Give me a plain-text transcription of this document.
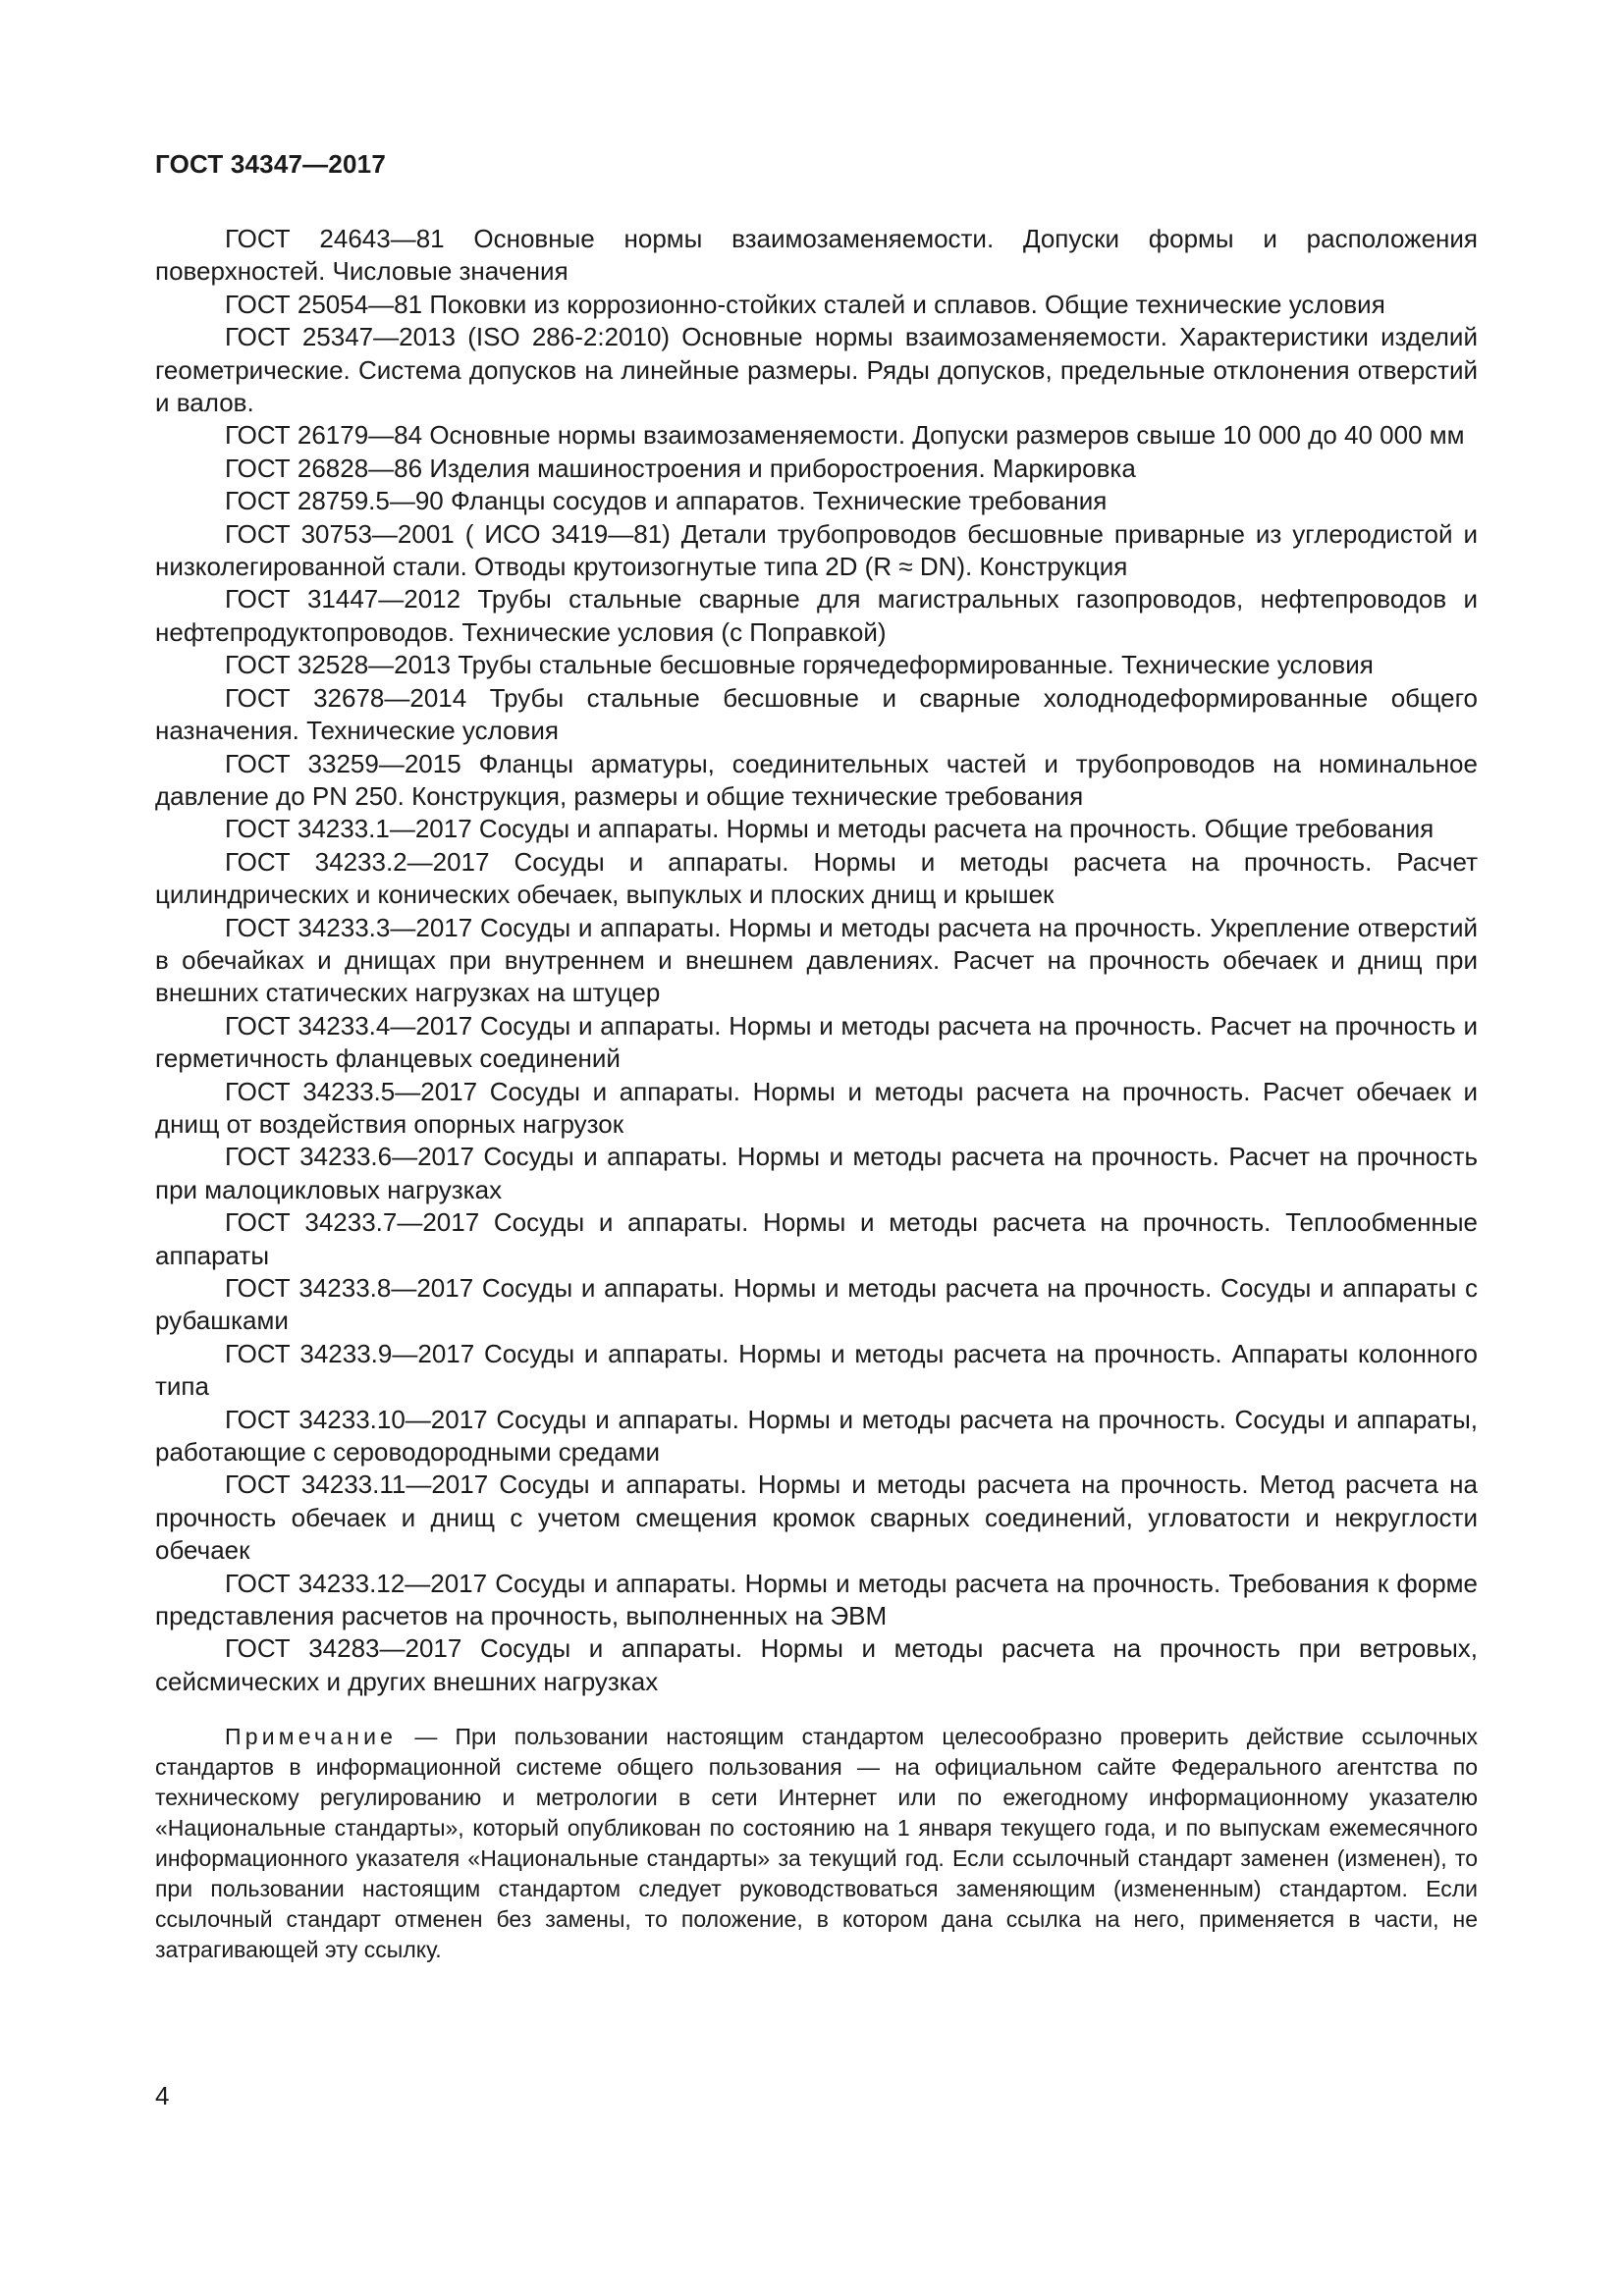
ГОСТ 34347—2017

ГОСТ 24643—81 Основные нормы взаимозаменяемости. Допуски формы и расположения поверхностей. Числовые значения

ГОСТ 25054—81 Поковки из коррозионно-стойких сталей и сплавов. Общие технические условия

ГОСТ 25347—2013 (ISO 286-2:2010) Основные нормы взаимозаменяемости. Характеристики изделий геометрические. Система допусков на линейные размеры. Ряды допусков, предельные отклонения отверстий и валов.

ГОСТ 26179—84 Основные нормы взаимозаменяемости. Допуски размеров свыше 10 000 до 40 000 мм

ГОСТ 26828—86 Изделия машиностроения и приборостроения. Маркировка

ГОСТ 28759.5—90 Фланцы сосудов и аппаратов. Технические требования

ГОСТ 30753—2001 ( ИСО 3419—81) Детали трубопроводов бесшовные приварные из углеродистой и низколегированной стали. Отводы крутоизогнутые типа 2D (R ≈ DN). Конструкция

ГОСТ 31447—2012 Трубы стальные сварные для магистральных газопроводов, нефтепроводов и нефтепродуктопроводов. Технические условия (с Поправкой)

ГОСТ 32528—2013 Трубы стальные бесшовные горячедеформированные. Технические условия

ГОСТ 32678—2014 Трубы стальные бесшовные и сварные холоднодеформированные общего назначения. Технические условия

ГОСТ 33259—2015 Фланцы арматуры, соединительных частей и трубопроводов на номинальное давление до PN 250. Конструкция, размеры и общие технические требования

ГОСТ 34233.1—2017 Сосуды и аппараты. Нормы и методы расчета на прочность. Общие требования

ГОСТ 34233.2—2017 Сосуды и аппараты. Нормы и методы расчета на прочность. Расчет цилиндрических и конических обечаек, выпуклых и плоских днищ и крышек

ГОСТ 34233.3—2017 Сосуды и аппараты. Нормы и методы расчета на прочность. Укрепление отверстий в обечайках и днищах при внутреннем и внешнем давлениях. Расчет на прочность обечаек и днищ при внешних статических нагрузках на штуцер

ГОСТ 34233.4—2017 Сосуды и аппараты. Нормы и методы расчета на прочность. Расчет на прочность и герметичность фланцевых соединений

ГОСТ 34233.5—2017 Сосуды и аппараты. Нормы и методы расчета на прочность. Расчет обечаек и днищ от воздействия опорных нагрузок

ГОСТ 34233.6—2017 Сосуды и аппараты. Нормы и методы расчета на прочность. Расчет на прочность при малоцикловых нагрузках

ГОСТ 34233.7—2017 Сосуды и аппараты. Нормы и методы расчета на прочность. Теплообменные аппараты

ГОСТ 34233.8—2017 Сосуды и аппараты. Нормы и методы расчета на прочность. Сосуды и аппараты с рубашками

ГОСТ 34233.9—2017 Сосуды и аппараты. Нормы и методы расчета на прочность. Аппараты колонного типа

ГОСТ 34233.10—2017 Сосуды и аппараты. Нормы и методы расчета на прочность. Сосуды и аппараты, работающие с сероводородными средами

ГОСТ 34233.11—2017 Сосуды и аппараты. Нормы и методы расчета на прочность. Метод расчета на прочность обечаек и днищ с учетом смещения кромок сварных соединений, угловатости и некруглости обечаек

ГОСТ 34233.12—2017 Сосуды и аппараты. Нормы и методы расчета на прочность. Требования к форме представления расчетов на прочность, выполненных на ЭВМ

ГОСТ 34283—2017 Сосуды и аппараты. Нормы и методы расчета на прочность при ветровых, сейсмических и других внешних нагрузках

Примечание — При пользовании настоящим стандартом целесообразно проверить действие ссылочных стандартов в информационной системе общего пользования — на официальном сайте Федерального агентства по техническому регулированию и метрологии в сети Интернет или по ежегодному информационному указателю «Национальные стандарты», который опубликован по состоянию на 1 января текущего года, и по выпускам ежемесячного информационного указателя «Национальные стандарты» за текущий год. Если ссылочный стандарт заменен (изменен), то при пользовании настоящим стандартом следует руководствоваться заменяющим (измененным) стандартом. Если ссылочный стандарт отменен без замены, то положение, в котором дана ссылка на него, применяется в части, не затрагивающей эту ссылку.

4
